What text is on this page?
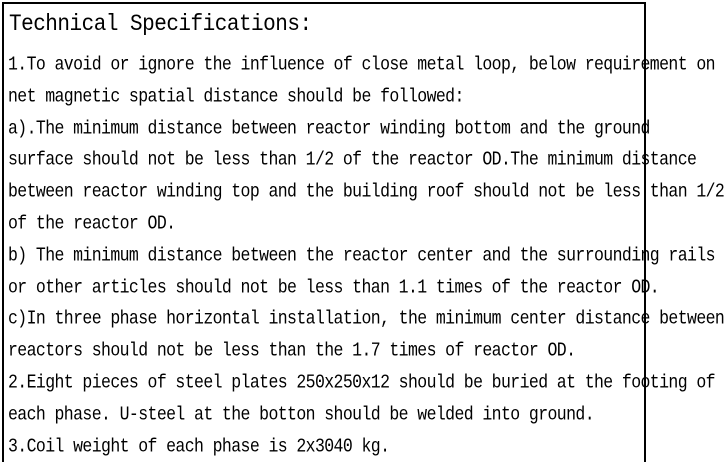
Technical Specifications:
1.To avoid or ignore the influence of close metal loop, below requirement on
net magnetic spatial distance should be followed:
a).The minimum distance between reactor winding bottom and the ground
surface should not be less than 1/2 of the reactor OD.The minimum distance
between reactor winding top and the building roof should not be less than 1/2
of the reactor OD.
b) The minimum distance between the reactor center and the surrounding rails
or other articles should not be less than 1.1 times of the reactor OD.
c)In three phase horizontal installation, the minimum center distance between
reactors should not be less than the 1.7 times of reactor OD.
2.Eight pieces of steel plates 250x250x12 should be buried at the footing of
each phase. U-steel at the botton should be welded into ground.
3.Coil weight of each phase is 2x3040 kg.
